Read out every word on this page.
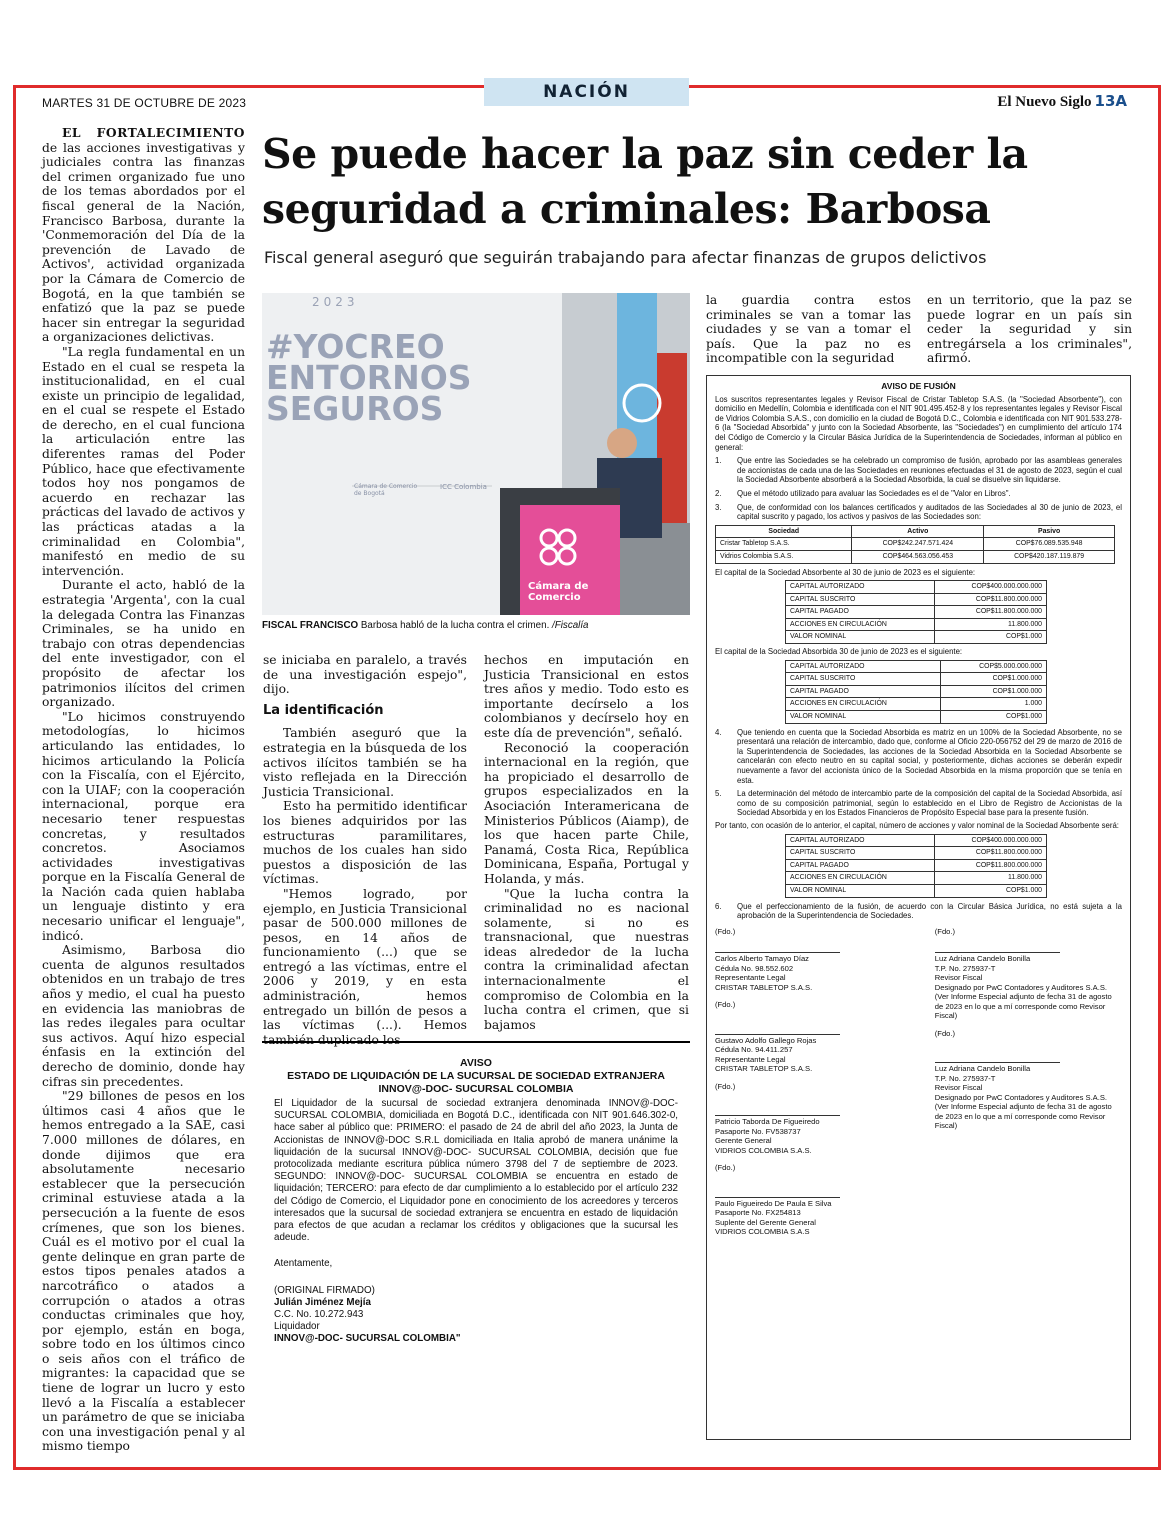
NACIÓN
MARTES 31 DE OCTUBRE DE 2023	El Nuevo Siglo 13A

EL FORTALECIMIENTO de las acciones investigativas y judiciales contra las finanzas del crimen organizado fue uno de los temas abordados por el fiscal general de la Nación, Francisco Barbosa, durante la 'Conmemoración del Día de la prevención de Lavado de Activos', actividad organizada por la Cámara de Comercio de Bogotá, en la que también se enfatizó que la paz se puede hacer sin entregar la seguridad a organizaciones delictivas.

"La regla fundamental en un Estado en el cual se respeta la institucionalidad, en el cual existe un principio de legalidad, en el cual se respete el Estado de derecho, en el cual funciona la articulación entre las diferentes ramas del Poder Público, hace que efectivamente todos hoy nos pongamos de acuerdo en rechazar las prácticas del lavado de activos y las prácticas atadas a la criminalidad en Colombia", manifestó en medio de su intervención.

Durante el acto, habló de la estrategia 'Argenta', con la cual la delegada Contra las Finanzas Criminales, se ha unido en trabajo con otras dependencias del ente investigador, con el propósito de afectar los patrimonios ilícitos del crimen organizado.

"Lo hicimos construyendo metodologías, lo hicimos articulando las entidades, lo hicimos articulando la Policía con la Fiscalía, con el Ejército, con la UIAF; con la cooperación internacional, porque era necesario tener respuestas concretas, y resultados concretos. Asociamos actividades investigativas porque en la Fiscalía General de la Nación cada quien hablaba un lenguaje distinto y era necesario unificar el lenguaje", indicó.

Asimismo, Barbosa dio cuenta de algunos resultados obtenidos en un trabajo de tres años y medio, el cual ha puesto en evidencia las maniobras de las redes ilegales para ocultar sus activos. Aquí hizo especial énfasis en la extinción del derecho de dominio, donde hay cifras sin precedentes.

"29 billones de pesos en los últimos casi 4 años que le hemos entregado a la SAE, casi 7.000 millones de dólares, en donde dijimos que era absolutamente necesario establecer que la persecución criminal estuviese atada a la persecución a la fuente de esos crímenes, que son los bienes. Cuál es el motivo por el cual la gente delinque en gran parte de estos tipos penales atados a narcotráfico o atados a corrupción o atados a otras conductas criminales que hoy, por ejemplo, están en boga, sobre todo en los últimos cinco o seis años con el tráfico de migrantes: la capacidad que se tiene de lograr un lucro y esto llevó a la Fiscalía a establecer un parámetro de que se iniciaba con una investigación penal y al mismo tiempo

Se puede hacer la paz sin ceder la seguridad a criminales: Barbosa
Fiscal general aseguró que seguirán trabajando para afectar finanzas de grupos delictivos
2023
#YOCREO
ENTORNOS
SEGUROS
Cámara de Comercio de Bogotá
ICC Colombia
Cámara de Comercio
FISCAL FRANCISCO Barbosa habló de la lucha contra el crimen. /Fiscalía

se iniciaba en paralelo, a través de una investigación espejo", dijo.

La identificación

También aseguró que la estrategia en la búsqueda de los activos ilícitos también se ha visto reflejada en la Dirección Justicia Transicional.

Esto ha permitido identificar los bienes adquiridos por las estructuras paramilitares, muchos de los cuales han sido puestos a disposición de las víctimas.

"Hemos logrado, por ejemplo, en Justicia Transicional pasar de 500.000 millones de pesos, en 14 años de funcionamiento (...) que se entregó a las víctimas, entre el 2006 y 2019, y en esta administración, hemos entregado un billón de pesos a las víctimas (...). Hemos también duplicado los

hechos en imputación en Justicia Transicional en estos tres años y medio. Todo esto es importante decírselo a los colombianos y decírselo hoy en este día de prevención", señaló.

Reconoció la cooperación internacional en la región, que ha propiciado el desarrollo de grupos especializados en la Asociación Interamericana de Ministerios Públicos (Aiamp), de los que hacen parte Chile, Panamá, Costa Rica, República Dominicana, España, Portugal y Holanda, y más.

"Que la lucha contra la criminalidad no es nacional solamente, si no es transnacional, que nuestras ideas alrededor de la lucha contra la criminalidad afectan internacionalmente el compromiso de Colombia en la lucha contra el crimen, que si bajamos

la guardia contra estos criminales se van a tomar las ciudades y se van a tomar el país. Que la paz no es incompatible con la seguridad
en un territorio, que la paz se puede lograr en un país sin ceder la seguridad y sin entregársela a los criminales", afirmó.
AVISO
ESTADO DE LIQUIDACIÓN DE LA SUCURSAL DE SOCIEDAD EXTRANJERA
INNOV@-DOC- SUCURSAL COLOMBIA
El Liquidador de la sucursal de sociedad extranjera denominada INNOV@-DOC- SUCURSAL COLOMBIA, domiciliada en Bogotá D.C., identificada con NIT 901.646.302-0, hace saber al público que: PRIMERO: el pasado de 24 de abril del año 2023, la Junta de Accionistas de INNOV@-DOC S.R.L domiciliada en Italia aprobó de manera unánime la liquidación de la sucursal INNOV@-DOC- SUCURSAL COLOMBIA, decisión que fue protocolizada mediante escritura pública número 3798 del 7 de septiembre de 2023. SEGUNDO: INNOV@-DOC- SUCURSAL COLOMBIA se encuentra en estado de liquidación; TERCERO: para efecto de dar cumplimiento a lo establecido por el artículo 232 del Código de Comercio, el Liquidador pone en conocimiento de los acreedores y terceros interesados que la sucursal de sociedad extranjera se encuentra en estado de liquidación para efectos de que acudan a reclamar los créditos y obligaciones que la sucursal les adeude.
Atentamente,
(ORIGINAL FIRMADO)
Julián Jiménez Mejía
C.C. No. 10.272.943
Liquidador
INNOV@-DOC- SUCURSAL COLOMBIA"
AVISO DE FUSIÓN
Los suscritos representantes legales y Revisor Fiscal de Cristar Tabletop S.A.S. (la "Sociedad Absorbente"), con domicilio en Medellín, Colombia e identificada con el NIT 901.495.452-8 y los representantes legales y Revisor Fiscal de Vidrios Colombia S.A.S., con domicilio en la ciudad de Bogotá D.C., Colombia e identificada con NIT 901.533.278-6 (la "Sociedad Absorbida" y junto con la Sociedad Absorbente, las "Sociedades") en cumplimiento del artículo 174 del Código de Comercio y la Circular Básica Jurídica de la Superintendencia de Sociedades, informan al público en general:
1.	Que entre las Sociedades se ha celebrado un compromiso de fusión, aprobado por las asambleas generales de accionistas de cada una de las Sociedades en reuniones efectuadas el 31 de agosto de 2023, según el cual la Sociedad Absorbente absorberá a la Sociedad Absorbida, la cual se disuelve sin liquidarse.
2.	Que el método utilizado para avaluar las Sociedades es el de "Valor en Libros".
3.	Que, de conformidad con los balances certificados y auditados de las Sociedades al 30 de junio de 2023, el capital suscrito y pagado, los activos y pasivos de las Sociedades son:
Sociedad	Activo	Pasivo
Cristar Tabletop S.A.S.	COP$242.247.571.424	COP$76.089.535.948
Vidrios Colombia S.A.S.	COP$464.563.056.453	COP$420.187.119.879
El capital de la Sociedad Absorbente al 30 de junio de 2023 es el siguiente:
CAPITAL AUTORIZADO	COP$400.000.000.000
CAPITAL SUSCRITO	COP$11.800.000.000
CAPITAL PAGADO	COP$11.800.000.000
ACCIONES EN CIRCULACIÓN	11.800.000
VALOR NOMINAL	COP$1.000
El capital de la Sociedad Absorbida 30 de junio de 2023 es el siguiente:
CAPITAL AUTORIZADO	COP$5.000.000.000
CAPITAL SUSCRITO	COP$1.000.000
CAPITAL PAGADO	COP$1.000.000
ACCIONES EN CIRCULACIÓN	1.000
VALOR NOMINAL	COP$1.000
4.	Que teniendo en cuenta que la Sociedad Absorbida es matriz en un 100% de la Sociedad Absorbente, no se presentará una relación de intercambio, dado que, conforme al Oficio 220-056752 del 29 de marzo de 2016 de la Superintendencia de Sociedades, las acciones de la Sociedad Absorbida en la Sociedad Absorbente se cancelarán con efecto neutro en su capital social, y posteriormente, dichas acciones se deberán expedir nuevamente a favor del accionista único de la Sociedad Absorbida en la misma proporción que se tenía en esta.
5.	La determinación del método de intercambio parte de la composición del capital de la Sociedad Absorbida, así como de su composición patrimonial, según lo establecido en el Libro de Registro de Accionistas de la Sociedad Absorbida y en los Estados Financieros de Propósito Especial base para la presente fusión.
Por tanto, con ocasión de lo anterior, el capital, número de acciones y valor nominal de la Sociedad Absorbente será:
CAPITAL AUTORIZADO	COP$400.000.000.000
CAPITAL SUSCRITO	COP$11.800.000.000
CAPITAL PAGADO	COP$11.800.000.000
ACCIONES EN CIRCULACIÓN	11.800.000
VALOR NOMINAL	COP$1.000
6.	Que el perfeccionamiento de la fusión, de acuerdo con la Circular Básica Jurídica, no está sujeta a la aprobación de la Superintendencia de Sociedades.
(Fdo.)
Carlos Alberto Tamayo Díaz
Cédula No. 98.552.602
Representante Legal
CRISTAR TABLETOP S.A.S.
(Fdo.)
Gustavo Adolfo Gallego Rojas
Cédula No. 94.411.257
Representante Legal
CRISTAR TABLETOP S.A.S.
(Fdo.)
Patricio Taborda De Figueiredo
Pasaporte No. FV538737
Gerente General
VIDRIOS COLOMBIA S.A.S.
(Fdo.)
Paulo Figueiredo De Paula E Silva
Pasaporte No. FX254813
Suplente del Gerente General
VIDRIOS COLOMBIA S.A.S
(Fdo.)
Luz Adriana Candelo Bonilla
T.P. No. 275937-T
Revisor Fiscal
Designado por PwC Contadores y Auditores S.A.S.
(Ver Informe Especial adjunto de fecha 31 de agosto de 2023 en lo que a mí corresponde como Revisor Fiscal)
(Fdo.)
Luz Adriana Candelo Bonilla
T.P. No. 275937-T
Revisor Fiscal
Designado por PwC Contadores y Auditores S.A.S.
(Ver Informe Especial adjunto de fecha 31 de agosto de 2023 en lo que a mí corresponde como Revisor Fiscal)
